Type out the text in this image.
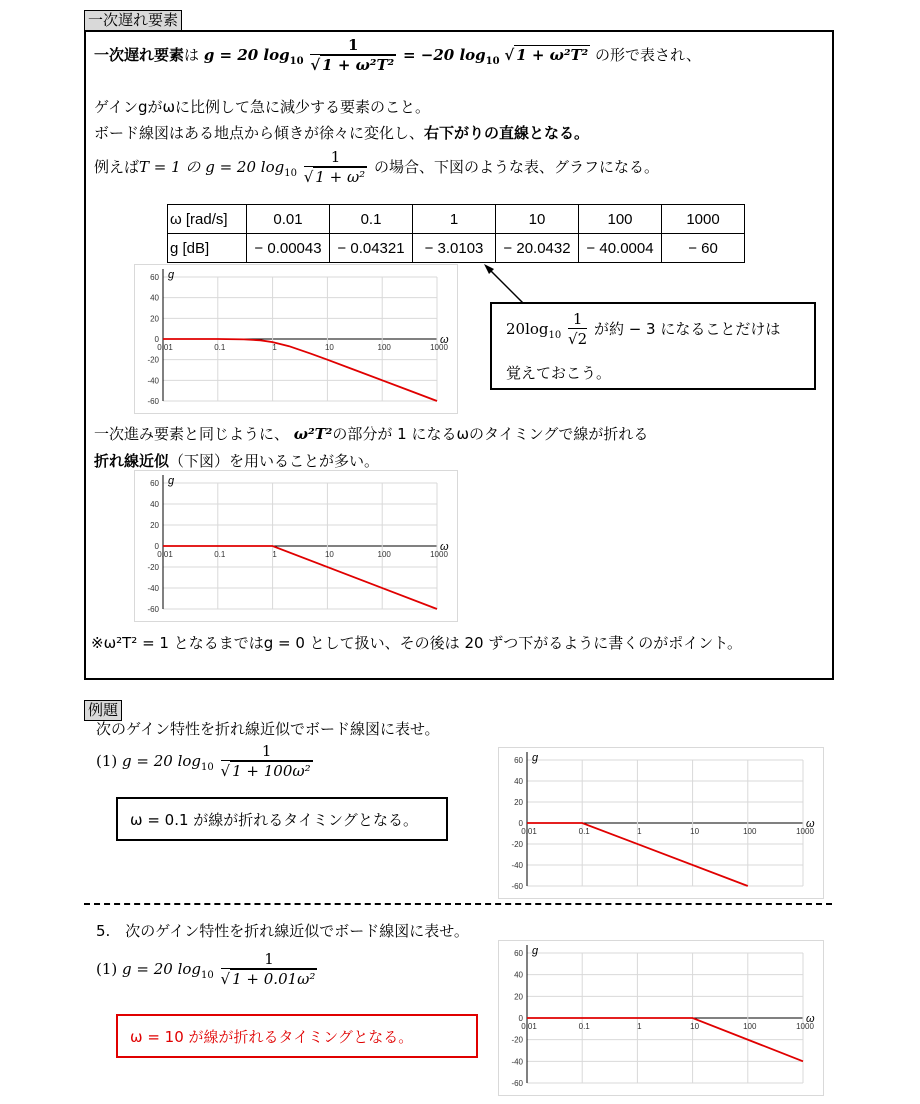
一次遅れ要素
一次遅れ要素は g = 20 $\log_{10} \frac{1}{\text{√ 1 + ω²T²}} = -20$ $\log_{10}$ √ 1 + ω²T² の形で表され、
ゲインgがωに比例して急に減少する要素のこと。
ボード線図はある地点から傾きが徐々に変化し、右下がりの直線となる。
例えばT = 1 の g = 20 $\log_{10} \frac{1}{\text{√ 1 + ω²}}$ の場合、下図のような表、グラフになる。
ω [rad/s]	0.01	0.1	1	10	100	1000
g [dB]	− 0.00043	− 0.04321	− 3.0103	− 20.0432	− 40.0004	− 60
60
40
20
0
-20
-40
-60
0.01	0.1	1	10	100	1000
g
ω
$20\log_{10} \frac{1}{√2}$ が約 − 3 になることだけは
覚えておこう。
一次進み要素と同じように、 ω²T²の部分が 1 になるωのタイミングで線が折れる
折れ線近似（下図）を用いることが多い。
60
40
20
0
-20
-40
-60
0.01	0.1	1	10	100	1000
g
ω
※ω²T² = 1 となるまではg = 0 として扱い、その後は 20 ずつ下がるように書くのがポイント。
例題
次のゲイン特性を折れ線近似でボード線図に表せ。
(1) g = 20 $\log_{10} \frac{1}{\text{√ 1 + 100ω²}}$
ω = 0.1 が線が折れるタイミングとなる。
60
40
20
0
-20
-40
-60
0.01	0.1	1	10	100	1000
g
ω
5.　次のゲイン特性を折れ線近似でボード線図に表せ。
(1) g = 20 $\log_{10} \frac{1}{\text{√ 1 + 0.01ω²}}$
ω = 10 が線が折れるタイミングとなる。
60
40
20
0
-20
-40
-60
0.01	0.1	1	10	100	1000
g
ω
